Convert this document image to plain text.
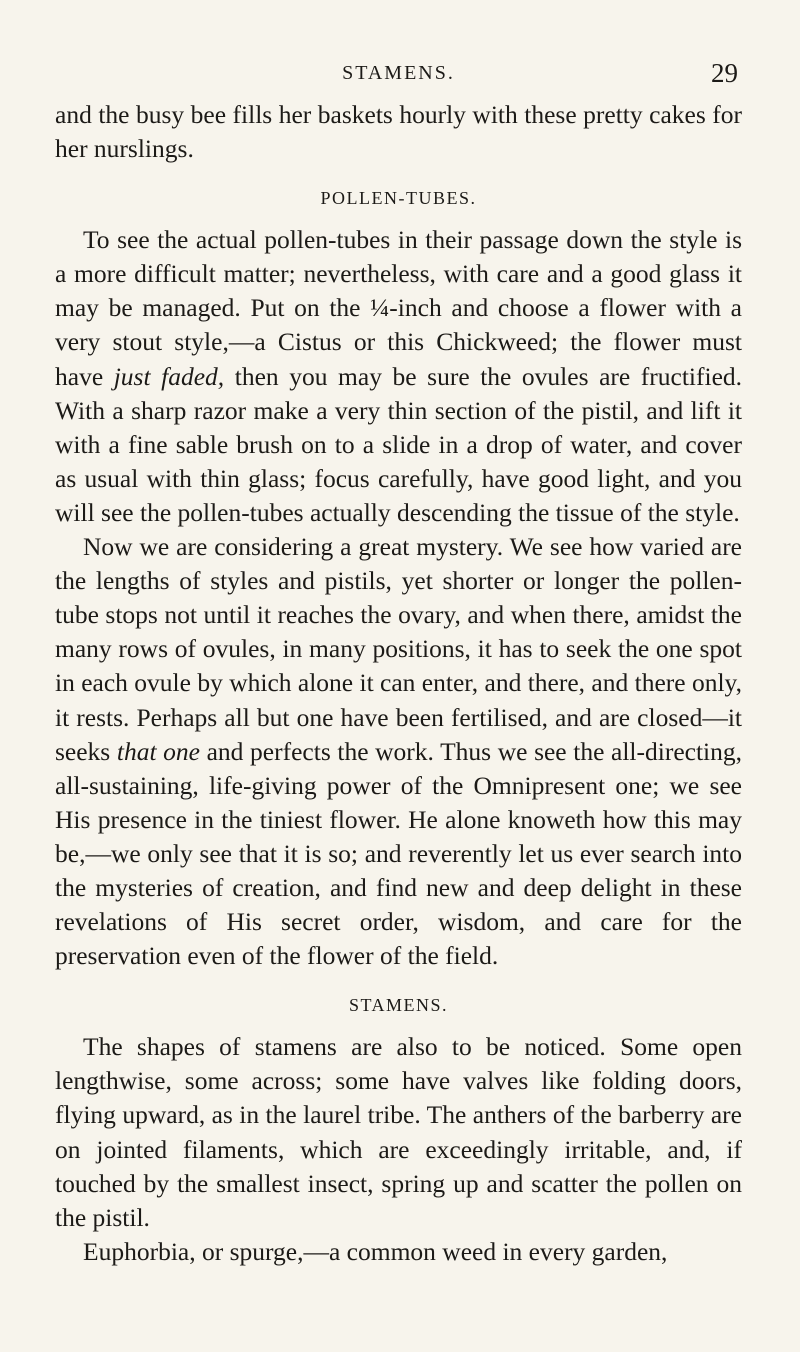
STAMENS.	29

and the busy bee fills her baskets hourly with these pretty cakes for her nurslings.

POLLEN-TUBES.

To see the actual pollen-tubes in their passage down the style is a more difficult matter; nevertheless, with care and a good glass it may be managed. Put on the ¼-inch and choose a flower with a very stout style,—a Cistus or this Chickweed; the flower must have just faded, then you may be sure the ovules are fructified. With a sharp razor make a very thin section of the pistil, and lift it with a fine sable brush on to a slide in a drop of water, and cover as usual with thin glass; focus carefully, have good light, and you will see the pollen-tubes actually descending the tissue of the style.

Now we are considering a great mystery. We see how varied are the lengths of styles and pistils, yet shorter or longer the pollen-tube stops not until it reaches the ovary, and when there, amidst the many rows of ovules, in many positions, it has to seek the one spot in each ovule by which alone it can enter, and there, and there only, it rests. Perhaps all but one have been fertilised, and are closed—it seeks that one and perfects the work. Thus we see the all-directing, all-sustaining, life-giving power of the Omnipresent one; we see His presence in the tiniest flower. He alone knoweth how this may be,—we only see that it is so; and reverently let us ever search into the mysteries of creation, and find new and deep delight in these revelations of His secret order, wisdom, and care for the preservation even of the flower of the field.

STAMENS.

The shapes of stamens are also to be noticed. Some open lengthwise, some across; some have valves like folding doors, flying upward, as in the laurel tribe. The anthers of the barberry are on jointed filaments, which are exceedingly irritable, and, if touched by the smallest insect, spring up and scatter the pollen on the pistil.

Euphorbia, or spurge,—a common weed in every garden,
